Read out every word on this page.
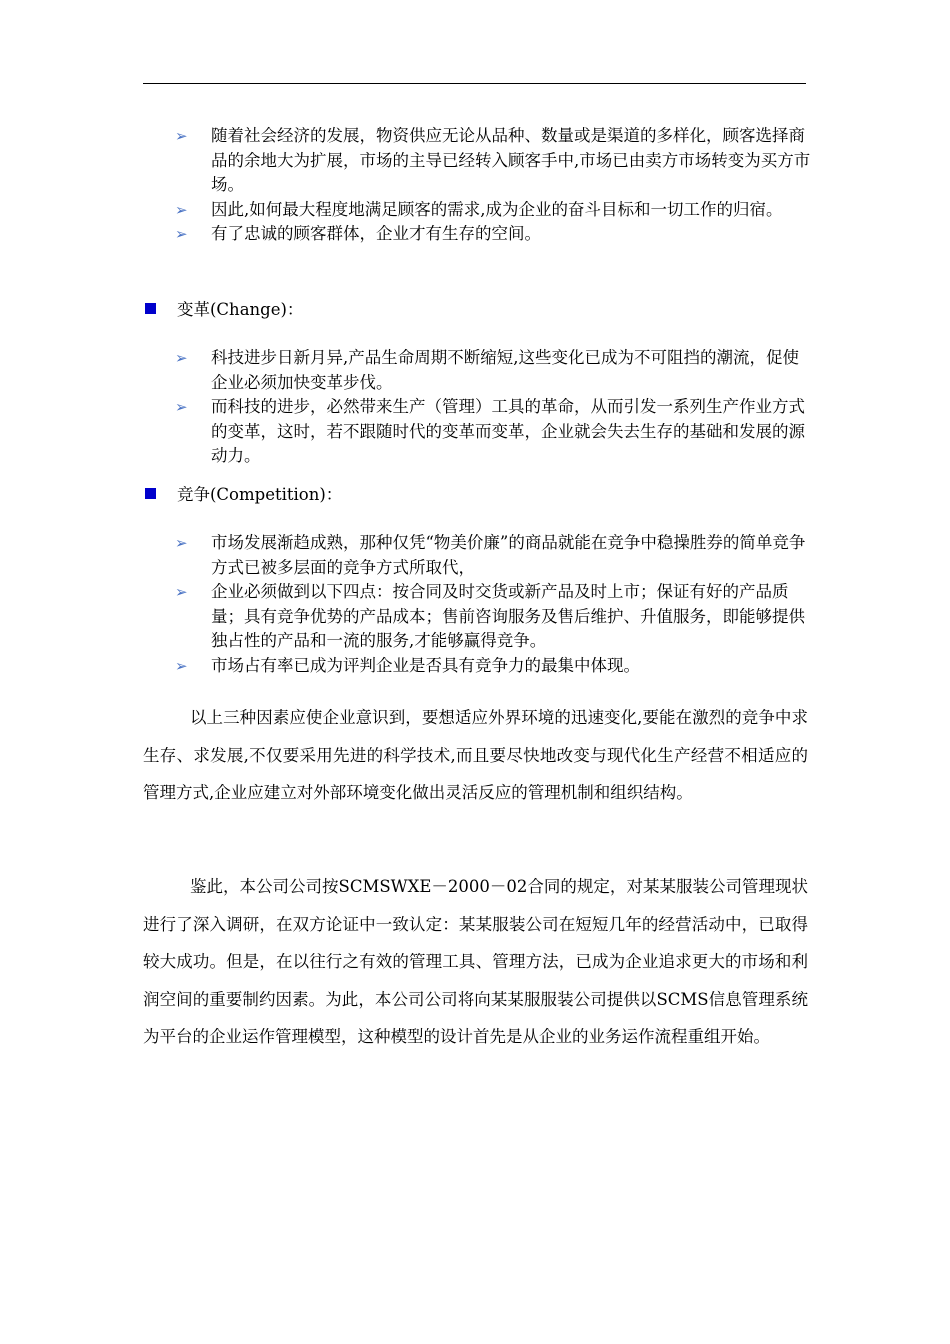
➢	随着社会经济的发展，物资供应无论从品种、数量或是渠道的多样化，顾客选择商品的余地大为扩展，市场的主导已经转入顾客手中,市场已由卖方市场转变为买方市场。

➢	因此,如何最大程度地满足顾客的需求,成为企业的奋斗目标和一切工作的归宿。

➢	有了忠诚的顾客群体，企业才有生存的空间。

变革(Change)：

➢	科技进步日新月异,产品生命周期不断缩短,这些变化已成为不可阻挡的潮流，促使企业必须加快变革步伐。

➢	而科技的进步，必然带来生产（管理）工具的革命，从而引发一系列生产作业方式的变革，这时，若不跟随时代的变革而变革，企业就会失去生存的基础和发展的源动力。

竞争(Competition)：

➢	市场发展渐趋成熟，那种仅凭“物美价廉”的商品就能在竞争中稳操胜券的简单竞争方式已被多层面的竞争方式所取代，

➢	企业必须做到以下四点：按合同及时交货或新产品及时上市；保证有好的产品质量；具有竞争优势的产品成本；售前咨询服务及售后维护、升值服务，即能够提供独占性的产品和一流的服务,才能够赢得竞争。

➢	市场占有率已成为评判企业是否具有竞争力的最集中体现。

以上三种因素应使企业意识到，要想适应外界环境的迅速变化,要能在激烈的竞争中求生存、求发展,不仅要采用先进的科学技术,而且要尽快地改变与现代化生产经营不相适应的管理方式,企业应建立对外部环境变化做出灵活反应的管理机制和组织结构。

鉴此，本公司公司按SCMSWXE－2000－02合同的规定，对某某服装公司管理现状进行了深入调研，在双方论证中一致认定：某某服装公司在短短几年的经营活动中，已取得较大成功。但是，在以往行之有效的管理工具、管理方法，已成为企业追求更大的市场和利润空间的重要制约因素。为此，本公司公司将向某某服服装公司提供以SCMS信息管理系统为平台的企业运作管理模型，这种模型的设计首先是从企业的业务运作流程重组开始。
